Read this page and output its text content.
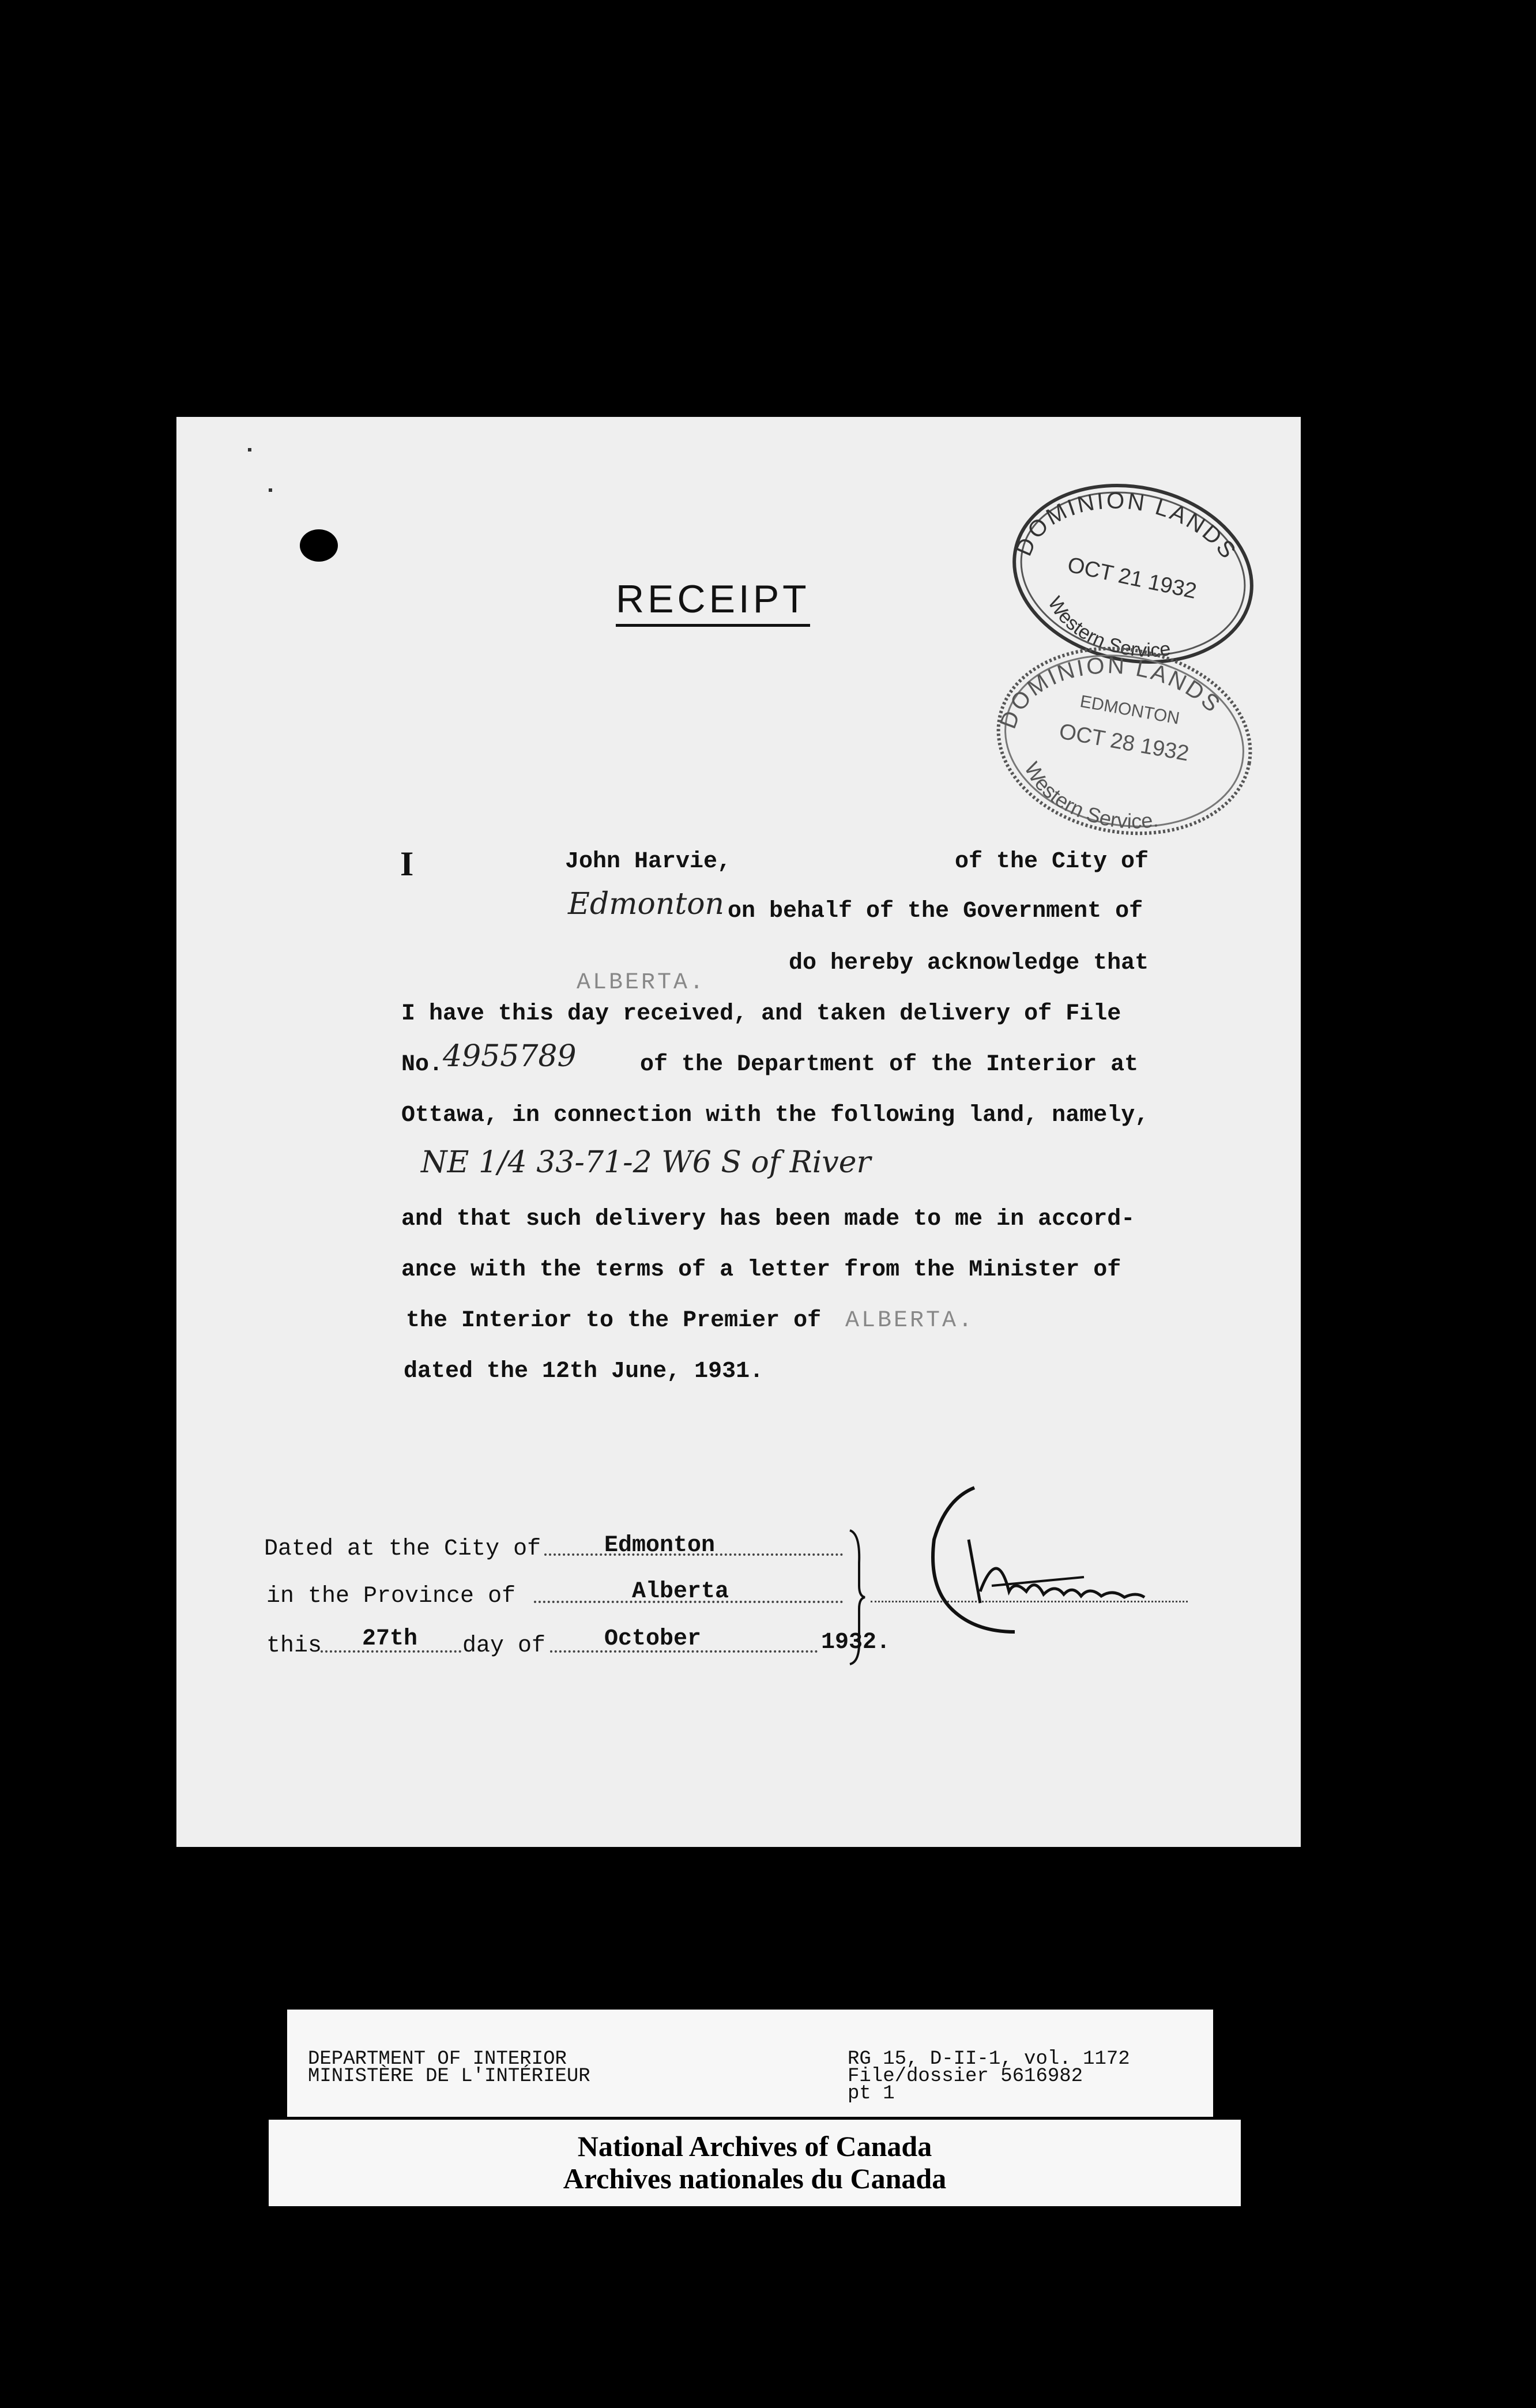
RECEIPT
DOMINION LANDS
OCT 21 1932
Western Service
DOMINION LANDS
EDMONTON
OCT 28 1932
Western Service.
I	John Harvie,	of the City of
Edmonton on behalf of the Government of
ALBERTA.
do hereby acknowledge that
I have this day received, and taken delivery of File
No. 4955789	of the Department of the Interior at
Ottawa, in connection with the following land, namely,
NE 1/4 33-71-2 W6 S of River
and that such delivery has been made to me in accord-
ance with the terms of a letter from the Minister of
the Interior to the Premier of ALBERTA.
dated the 12th June, 1931.
Dated at the City of	Edmonton
in the Province of	Alberta
this 27th day of	October	1932.
DEPARTMENT OF INTERIOR
MINISTÈRE DE L'INTÉRIEUR
RG 15, D-II-1, vol. 1172
File/dossier 5616982
pt 1
National Archives of Canada
Archives nationales du Canada
